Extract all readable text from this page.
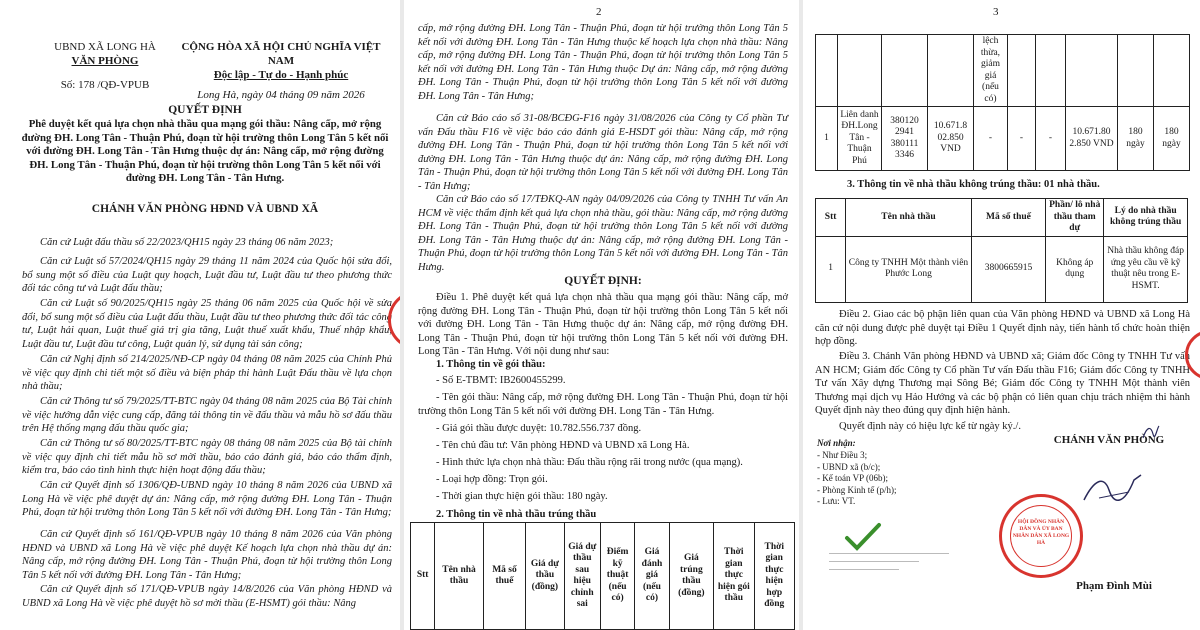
UBND XÃ LONG HÀ
VĂN PHÒNG
Số: 178 /QĐ-VPUB
CỘNG HÒA XÃ HỘI CHỦ NGHĨA VIỆT NAM
Độc lập - Tự do - Hạnh phúc
Long Hà, ngày 04 tháng 09 năm 2026
QUYẾT ĐỊNH
Phê duyệt kết quả lựa chọn nhà thầu qua mạng gói thầu: Nâng cấp, mở rộng đường ĐH. Long Tân - Thuận Phú, đoạn từ hội trường thôn Long Tân 5 kết nối với đường ĐH. Long Tân - Tân Hưng thuộc dự án: Nâng cấp, mở rộng đường ĐH. Long Tân - Thuận Phú, đoạn từ hội trường thôn Long Tân 5 kết nối với đường ĐH. Long Tân - Tân Hưng.
CHÁNH VĂN PHÒNG HĐND VÀ UBND XÃ
Căn cứ Luật đấu thầu số 22/2023/QH15 ngày 23 tháng 06 năm 2023;
Căn cứ Luật số 57/2024/QH15 ngày 29 tháng 11 năm 2024 của Quốc hội sửa đổi, bổ sung một số điều của Luật quy hoạch, Luật đầu tư, Luật đầu tư theo phương thức đối tác công tư và Luật đấu thầu;
Căn cứ Luật số 90/2025/QH15 ngày 25 tháng 06 năm 2025 của Quốc hội về sửa đổi, bổ sung một số điều của Luật đấu thầu, Luật đầu tư theo phương thức đối tác công tư, Luật hải quan, Luật thuế giá trị gia tăng, Luật thuế xuất khẩu, Thuế nhập khẩu, Luật đầu tư, Luật đầu tư công, Luật quản lý, sử dụng tài sản công;
Căn cứ Nghị định số 214/2025/NĐ-CP ngày 04 tháng 08 năm 2025 của Chính Phủ về việc quy định chi tiết một số điều và biện pháp thi hành Luật Đấu thầu về lựa chọn nhà thầu;
Căn cứ Thông tư số 79/2025/TT-BTC ngày 04 tháng 08 năm 2025 của Bộ Tài chính về việc hướng dẫn việc cung cấp, đăng tải thông tin về đấu thầu và mẫu hồ sơ đấu thầu trên Hệ thống mạng đấu thầu quốc gia;
Căn cứ Thông tư số 80/2025/TT-BTC ngày 08 tháng 08 năm 2025 của Bộ tài chính về việc quy định chi tiết mẫu hồ sơ mời thầu, báo cáo đánh giá, báo cáo thẩm định, kiểm tra, báo cáo tình hình thực hiện hoạt động đấu thầu;
Căn cứ Quyết định số 1306/QĐ-UBND ngày 10 tháng 8 năm 2026 của UBND xã Long Hà về việc phê duyệt dự án: Nâng cấp, mở rộng đường ĐH. Long Tân - Thuận Phú, đoạn từ hội trường thôn Long Tân 5 kết nối với đường ĐH. Long Tân - Tân Hưng;
Căn cứ Quyết định số 161/QĐ-VPUB ngày 10 tháng 8 năm 2026 của Văn phòng HĐND và UBND xã Long Hà về việc phê duyệt Kế hoạch lựa chọn nhà thầu dự án: Nâng cấp, mở rộng đường ĐH. Long Tân - Thuận Phú, đoạn từ hội trường thôn Long Tân 5 kết nối với đường ĐH. Long Tân - Tân Hưng;
Căn cứ Quyết định số 171/QĐ-VPUB ngày 14/8/2026 của Văn phòng HĐND và UBND xã Long Hà về việc phê duyệt hồ sơ mời thầu (E-HSMT) gói thầu: Nâng
2
cấp, mở rộng đường ĐH. Long Tân - Thuận Phú, đoạn từ hội trường thôn Long Tân 5 kết nối với đường ĐH. Long Tân - Tân Hưng thuộc kế hoạch lựa chọn nhà thầu: Nâng cấp, mở rộng đường ĐH. Long Tân - Thuận Phú, đoạn từ hội trường thôn Long Tân 5 kết nối với đường ĐH. Long Tân - Tân Hưng thuộc Dự án: Nâng cấp, mở rộng đường ĐH. Long Tân - Thuận Phú, đoạn từ hội trường thôn Long Tân 5 kết nối với đường ĐH. Long Tân - Tân Hưng;
Căn cứ Báo cáo số 31-08/BCĐG-F16 ngày 31/08/2026 của Công ty Cổ phần Tư vấn Đấu thầu F16 về việc báo cáo đánh giá E-HSDT gói thầu: Nâng cấp, mở rộng đường ĐH. Long Tân - Thuận Phú, đoạn từ hội trường thôn Long Tân 5 kết nối với đường ĐH. Long Tân - Tân Hưng thuộc dự án: Nâng cấp, mở rộng đường ĐH. Long Tân - Thuận Phú, đoạn từ hội trường thôn Long Tân 5 kết nối với đường ĐH. Long Tân - Tân Hưng;
Căn cứ Báo cáo số 17/TĐKQ-AN ngày 04/09/2026 của Công ty TNHH Tư vấn An HCM về việc thẩm định kết quả lựa chọn nhà thầu, gói thầu: Nâng cấp, mở rộng đường ĐH. Long Tân - Thuận Phú, đoạn từ hội trường thôn Long Tân 5 kết nối với đường ĐH. Long Tân - Tân Hưng thuộc dự án: Nâng cấp, mở rộng đường ĐH. Long Tân - Thuận Phú, đoạn từ hội trường thôn Long Tân 5 kết nối với đường ĐH. Long Tân - Tân Hưng.
QUYẾT ĐỊNH:
Điều 1. Phê duyệt kết quả lựa chọn nhà thầu qua mạng gói thầu: Nâng cấp, mở rộng đường ĐH. Long Tân - Thuận Phú, đoạn từ hội trường thôn Long Tân 5 kết nối với đường ĐH. Long Tân - Tân Hưng thuộc dự án: Nâng cấp, mở rộng đường ĐH. Long Tân - Thuận Phú, đoạn từ hội trường thôn Long Tân 5 kết nối với đường ĐH. Long Tân - Tân Hưng. Với nội dung như sau:
1. Thông tin về gói thầu:
- Số E-TBMT: IB2600455299.
- Tên gói thầu: Nâng cấp, mở rộng đường ĐH. Long Tân - Thuận Phú, đoạn từ hội trường thôn Long Tân 5 kết nối với đường ĐH. Long Tân - Tân Hưng.
- Giá gói thầu được duyệt: 10.782.556.737 đồng.
- Tên chủ đầu tư: Văn phòng HĐND và UBND xã Long Hà.
- Hình thức lựa chọn nhà thầu: Đấu thầu rộng rãi trong nước (qua mạng).
- Loại hợp đồng: Trọn gói.
- Thời gian thực hiện gói thầu: 180 ngày.
2. Thông tin về nhà thầu trúng thầu
Stt	Tên nhà thầu	Mã số thuế	Giá dự thầu (đồng)	Giá dự thầu sau hiệu chỉnh sai	Điểm kỹ thuật (nếu có)	Giá đánh giá (nếu có)	Giá trúng thầu (đồng)	Thời gian thực hiện gói thầu	Thời gian thực hiện hợp đồng
3
				lệch thừa, giảm giá (nếu có)					
1	Liên danh ĐH.Long Tân - Thuận Phú	380120 2941 380111 3346	10.671.8 02.850 VND	-	-	-	10.671.80 2.850 VND	180 ngày	180 ngày
3. Thông tin về nhà thầu không trúng thầu: 01 nhà thầu.
Stt	Tên nhà thầu	Mã số thuế	Phần/ lô nhà thầu tham dự	Lý do nhà thầu không trúng thầu
1	Công ty TNHH Một thành viên Phước Long	3800665915	Không áp dụng	Nhà thầu không đáp ứng yêu cầu về kỹ thuật nêu trong E-HSMT.
Điều 2. Giao các bộ phận liên quan của Văn phòng HĐND và UBND xã Long Hà căn cứ nội dung được phê duyệt tại Điều 1 Quyết định này, tiến hành tổ chức hoàn thiện hợp đồng.
Điều 3. Chánh Văn phòng HĐND và UBND xã; Giám đốc Công ty TNHH Tư vấn AN HCM; Giám đốc Công ty Cổ phần Tư vấn Đấu thầu F16; Giám đốc Công ty TNHH Tư vấn Xây dựng Thương mại Sông Bé; Giám đốc Công ty TNHH Một thành viên Thương mại dịch vụ Hảo Hướng và các bộ phận có liên quan chịu trách nhiệm thi hành Quyết định này theo đúng quy định hiện hành.
Quyết định này có hiệu lực kể từ ngày ký./.
Nơi nhận:
- Như Điều 3;
- UBND xã (b/c);
- Kế toán VP (06b);
- Phòng Kinh tế (p/h);
- Lưu: VT.
CHÁNH VĂN PHÒNG
HỘI ĐỒNG NHÂN DÂN VÀ ỦY BAN NHÂN DÂN XÃ LONG HÀ
Phạm Đình Mùi
